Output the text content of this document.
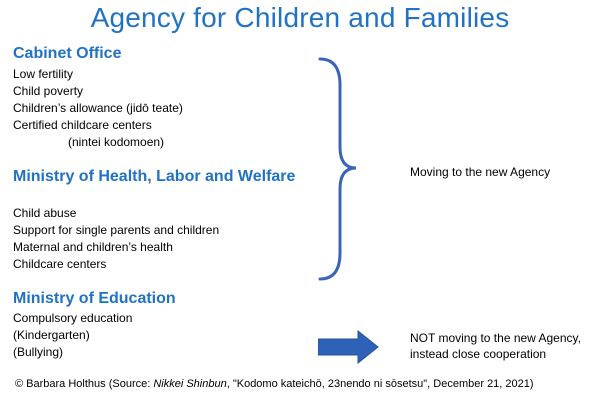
Agency for Children and Families
Cabinet Office
Low fertility
Child poverty
Children’s allowance (jidō teate)
Certified childcare centers
(nintei kodomoen)
Ministry of Health, Labor and Welfare
Child abuse
Support for single parents and children
Maternal and children’s health
Childcare centers
Ministry of Education
Compulsory education
(Kindergarten)
(Bullying)
Moving to the new Agency
NOT moving to the new Agency,
instead close cooperation
© Barbara Holthus (Source: Nikkei Shinbun, "Kodomo kateichō, 23nendo ni sōsetsu", December 21, 2021)
